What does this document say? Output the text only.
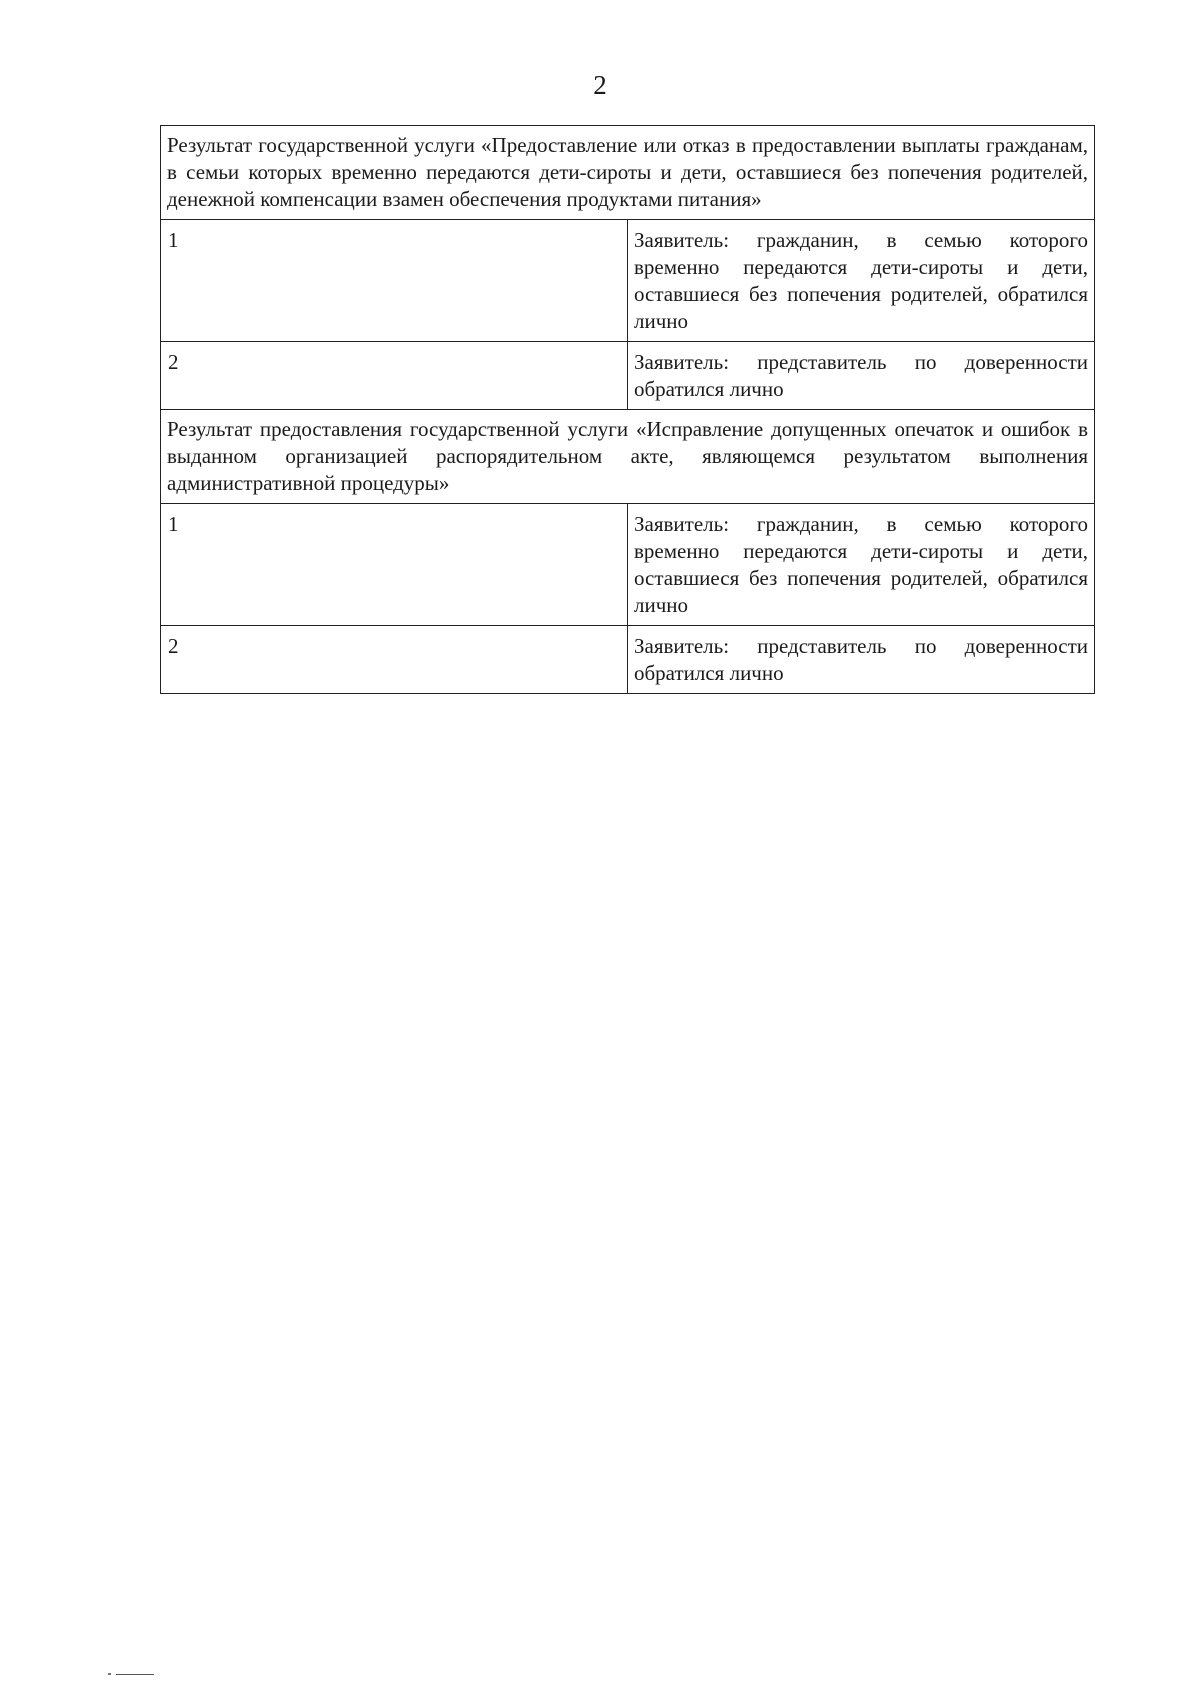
2
Результат государственной услуги «Предоставление или отказ в предоставлении выплаты гражданам, в семьи которых временно передаются дети-сироты и дети, оставшиеся без попечения родителей, денежной компенсации взамен обеспечения продуктами питания»	
1	Заявитель: гражданин, в семью которого временно передаются дети-сироты и дети, оставшиеся без попечения родителей, обратился лично
2	Заявитель: представитель по доверенности обратился лично
Результат предоставления государственной услуги «Исправление допущенных опечаток и ошибок в выданном организацией распорядительном акте, являющемся результатом выполнения административной процедуры»	
1	Заявитель: гражданин, в семью которого временно передаются дети-сироты и дети, оставшиеся без попечения родителей, обратился лично
2	Заявитель: представитель по доверенности обратился лично
